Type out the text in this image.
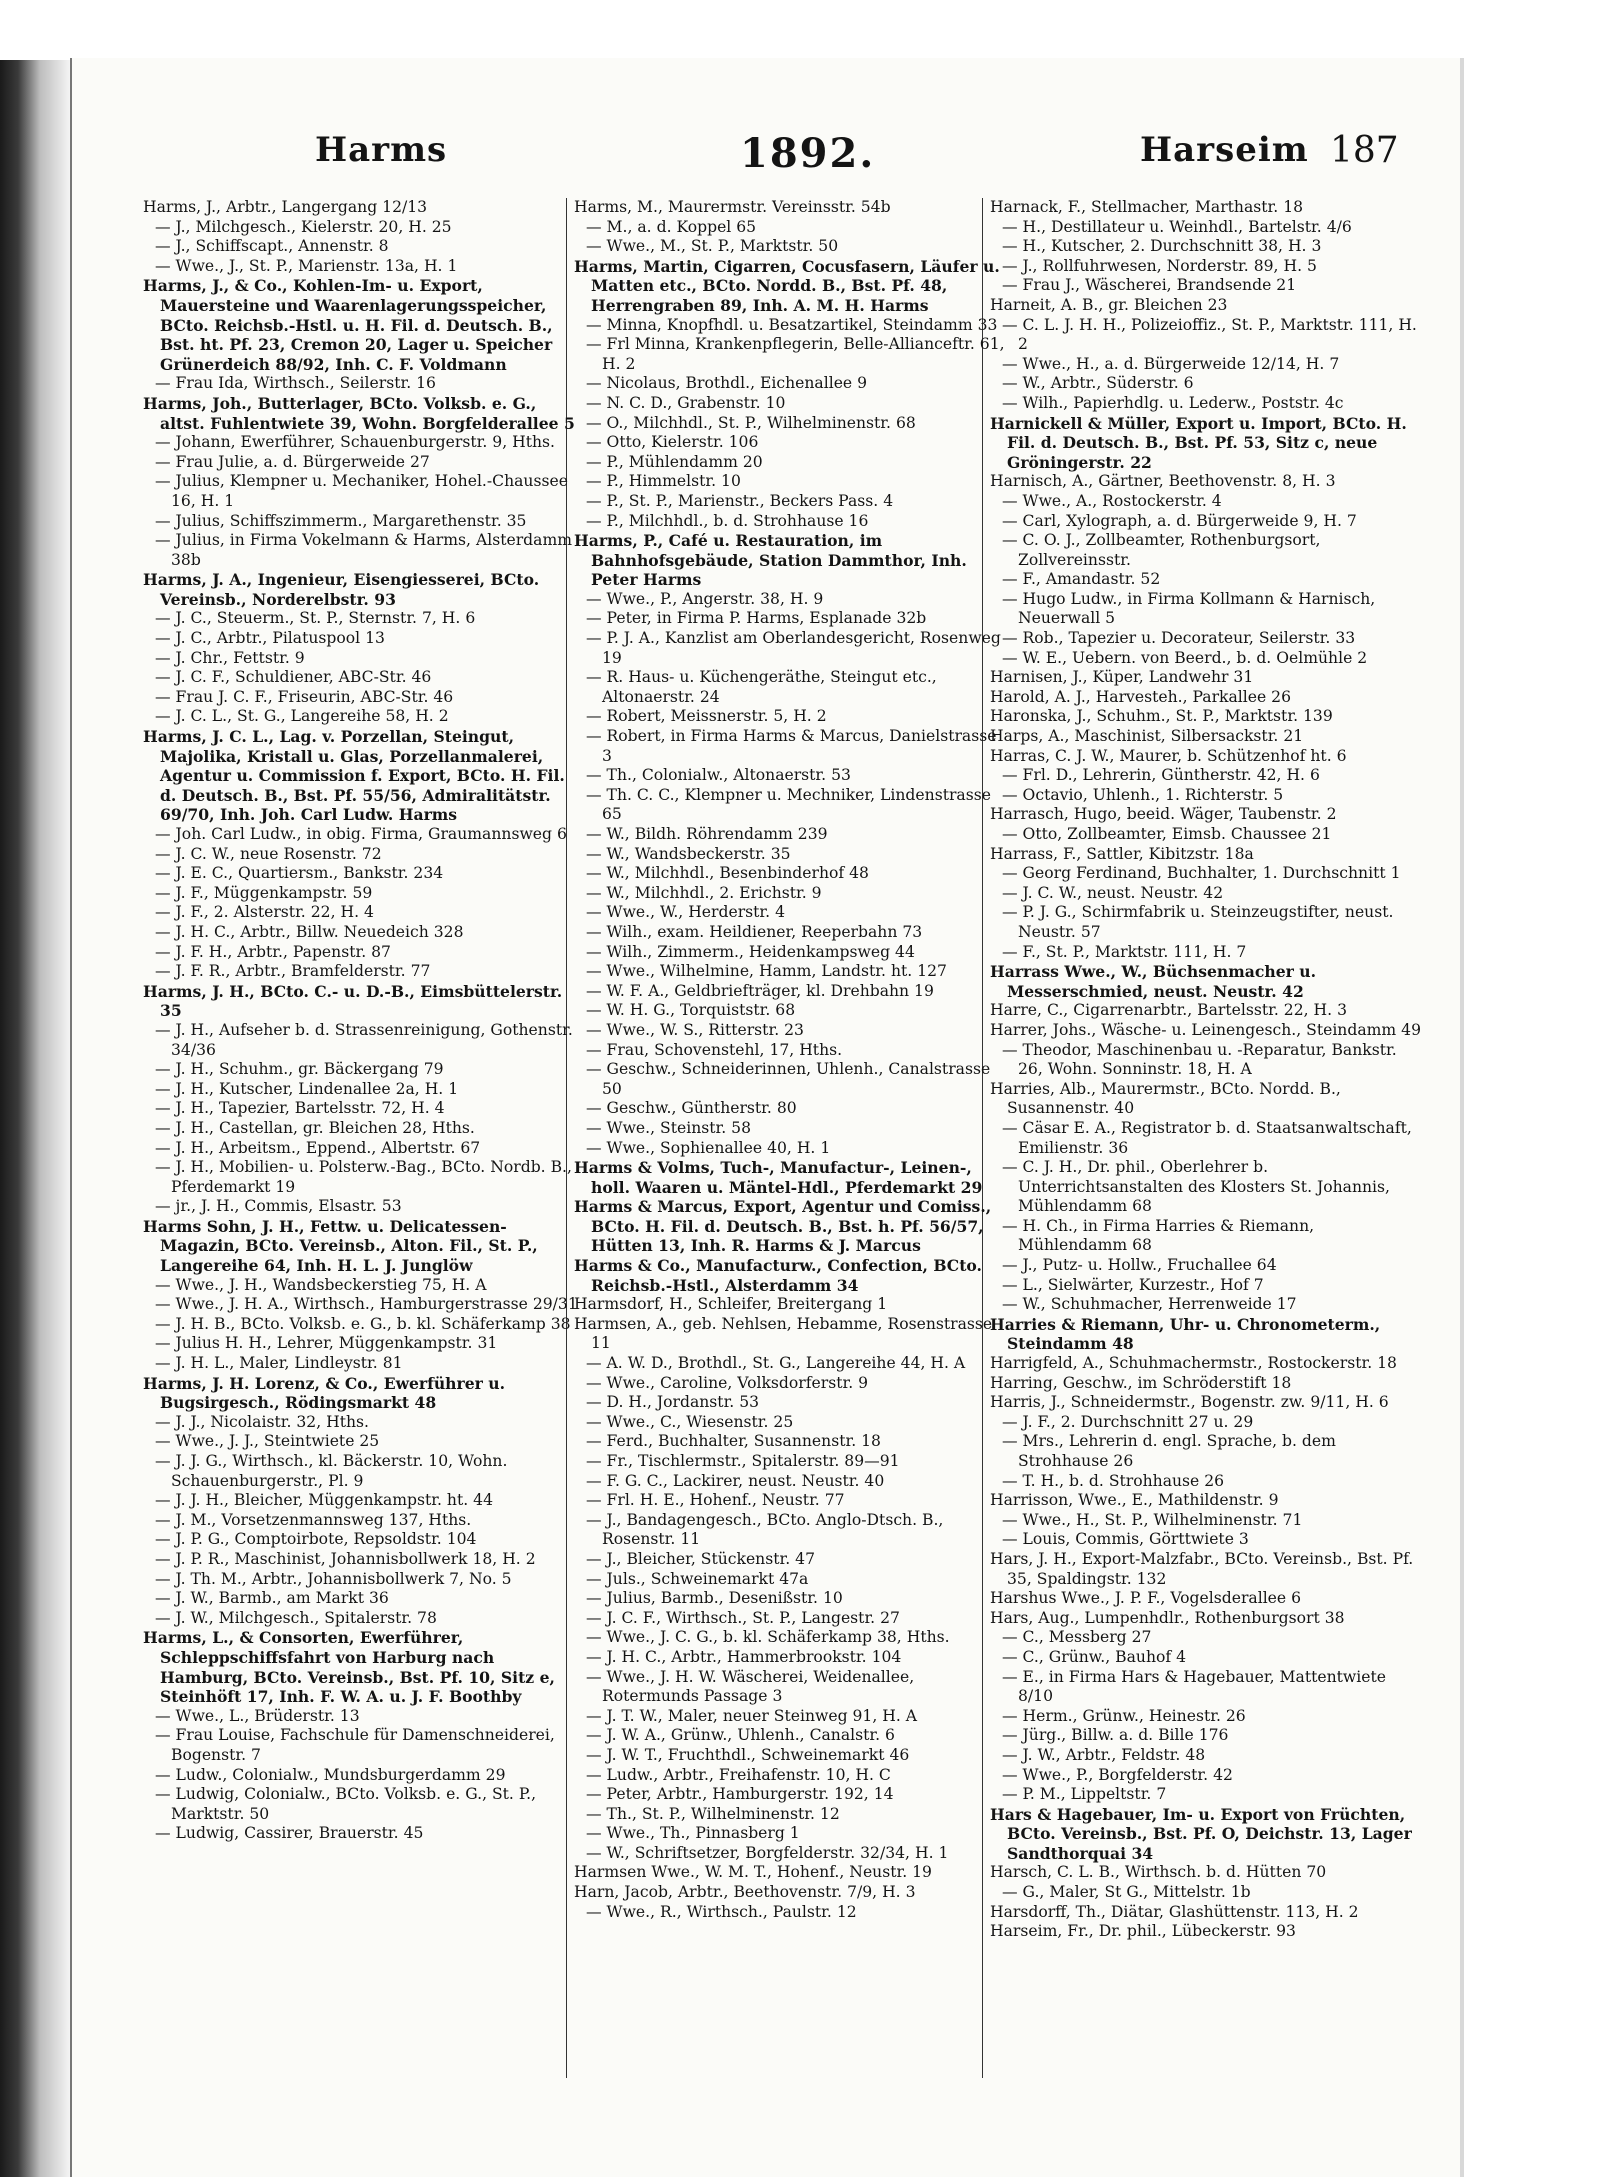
Harms	1892.	Harseim 187

Harms, J., Arbtr., Langergang 12/13

— J., Milchgesch., Kielerstr. 20, H. 25

— J., Schiffscapt., Annenstr. 8

— Wwe., J., St. P., Marienstr. 13a, H. 1

Harms, J., & Co., Kohlen-Im- u. Export, Mauersteine und Waarenlagerungsspeicher, BCto. Reichsb.-Hstl. u. H. Fil. d. Deutsch. B., Bst. ht. Pf. 23, Cremon 20, Lager u. Speicher Grünerdeich 88/92, Inh. C. F. Voldmann

— Frau Ida, Wirthsch., Seilerstr. 16

Harms, Joh., Butterlager, BCto. Volksb. e. G., altst. Fuhlentwiete 39, Wohn. Borgfelderallee 5

— Johann, Ewerführer, Schauenburgerstr. 9, Hths.

— Frau Julie, a. d. Bürgerweide 27

— Julius, Klempner u. Mechaniker, Hohel.-Chaussee 16, H. 1

— Julius, Schiffszimmerm., Margarethenstr. 35

— Julius, in Firma Vokelmann & Harms, Alsterdamm 38b

Harms, J. A., Ingenieur, Eisengiesserei, BCto. Vereinsb., Norderelbstr. 93

— J. C., Steuerm., St. P., Sternstr. 7, H. 6

— J. C., Arbtr., Pilatuspool 13

— J. Chr., Fettstr. 9

— J. C. F., Schuldiener, ABC-Str. 46

— Frau J. C. F., Friseurin, ABC-Str. 46

— J. C. L., St. G., Langereihe 58, H. 2

Harms, J. C. L., Lag. v. Porzellan, Steingut, Majolika, Kristall u. Glas, Porzellanmalerei, Agentur u. Commission f. Export, BCto. H. Fil. d. Deutsch. B., Bst. Pf. 55/56, Admiralitätstr. 69/70, Inh. Joh. Carl Ludw. Harms

— Joh. Carl Ludw., in obig. Firma, Graumannsweg 6

— J. C. W., neue Rosenstr. 72

— J. E. C., Quartiersm., Bankstr. 234

— J. F., Müggenkampstr. 59

— J. F., 2. Alsterstr. 22, H. 4

— J. H. C., Arbtr., Billw. Neuedeich 328

— J. F. H., Arbtr., Papenstr. 87

— J. F. R., Arbtr., Bramfelderstr. 77

Harms, J. H., BCto. C.- u. D.-B., Eimsbüttelerstr. 35

— J. H., Aufseher b. d. Strassenreinigung, Gothenstr. 34/36

— J. H., Schuhm., gr. Bäckergang 79

— J. H., Kutscher, Lindenallee 2a, H. 1

— J. H., Tapezier, Bartelsstr. 72, H. 4

— J. H., Castellan, gr. Bleichen 28, Hths.

— J. H., Arbeitsm., Eppend., Albertstr. 67

— J. H., Mobilien- u. Polsterw.-Bag., BCto. Nordb. B., Pferdemarkt 19

— jr., J. H., Commis, Elsastr. 53

Harms Sohn, J. H., Fettw. u. Delicatessen-Magazin, BCto. Vereinsb., Alton. Fil., St. P., Langereihe 64, Inh. H. L. J. Junglöw

— Wwe., J. H., Wandsbeckerstieg 75, H. A

— Wwe., J. H. A., Wirthsch., Hamburgerstrasse 29/31

— J. H. B., BCto. Volksb. e. G., b. kl. Schäferkamp 38

— Julius H. H., Lehrer, Müggenkampstr. 31

— J. H. L., Maler, Lindleystr. 81

Harms, J. H. Lorenz, & Co., Ewerführer u. Bugsirgesch., Rödingsmarkt 48

— J. J., Nicolaistr. 32, Hths.

— Wwe., J. J., Steintwiete 25

— J. J. G., Wirthsch., kl. Bäckerstr. 10, Wohn. Schauenburgerstr., Pl. 9

— J. J. H., Bleicher, Müggenkampstr. ht. 44

— J. M., Vorsetzenmannsweg 137, Hths.

— J. P. G., Comptoirbote, Repsoldstr. 104

— J. P. R., Maschinist, Johannisbollwerk 18, H. 2

— J. Th. M., Arbtr., Johannisbollwerk 7, No. 5

— J. W., Barmb., am Markt 36

— J. W., Milchgesch., Spitalerstr. 78

Harms, L., & Consorten, Ewerführer, Schleppschiffsfahrt von Harburg nach Hamburg, BCto. Vereinsb., Bst. Pf. 10, Sitz e, Steinhöft 17, Inh. F. W. A. u. J. F. Boothby

— Wwe., L., Brüderstr. 13

— Frau Louise, Fachschule für Damenschneiderei, Bogenstr. 7

— Ludw., Colonialw., Mundsburgerdamm 29

— Ludwig, Colonialw., BCto. Volksb. e. G., St. P., Marktstr. 50

— Ludwig, Cassirer, Brauerstr. 45

Harms, M., Maurermstr. Vereinsstr. 54b

— M., a. d. Koppel 65

— Wwe., M., St. P., Marktstr. 50

Harms, Martin, Cigarren, Cocusfasern, Läufer u. Matten etc., BCto. Nordd. B., Bst. Pf. 48, Herrengraben 89, Inh. A. M. H. Harms

— Minna, Knopfhdl. u. Besatzartikel, Steindamm 33

— Frl Minna, Krankenpflegerin, Belle-Allianceftr. 61, H. 2

— Nicolaus, Brothdl., Eichenallee 9

— N. C. D., Grabenstr. 10

— O., Milchhdl., St. P., Wilhelminenstr. 68

— Otto, Kielerstr. 106

— P., Mühlendamm 20

— P., Himmelstr. 10

— P., St. P., Marienstr., Beckers Pass. 4

— P., Milchhdl., b. d. Strohhause 16

Harms, P., Café u. Restauration, im Bahnhofsgebäude, Station Dammthor, Inh. Peter Harms

— Wwe., P., Angerstr. 38, H. 9

— Peter, in Firma P. Harms, Esplanade 32b

— P. J. A., Kanzlist am Oberlandesgericht, Rosenweg 19

— R. Haus- u. Küchengeräthe, Steingut etc., Altonaerstr. 24

— Robert, Meissnerstr. 5, H. 2

— Robert, in Firma Harms & Marcus, Danielstrasse 3

— Th., Colonialw., Altonaerstr. 53

— Th. C. C., Klempner u. Mechniker, Lindenstrasse 65

— W., Bildh. Röhrendamm 239

— W., Wandsbeckerstr. 35

— W., Milchhdl., Besenbinderhof 48

— W., Milchhdl., 2. Erichstr. 9

— Wwe., W., Herderstr. 4

— Wilh., exam. Heildiener, Reeperbahn 73

— Wilh., Zimmerm., Heidenkampsweg 44

— Wwe., Wilhelmine, Hamm, Landstr. ht. 127

— W. F. A., Geldbriefträger, kl. Drehbahn 19

— W. H. G., Torquiststr. 68

— Wwe., W. S., Ritterstr. 23

— Frau, Schovenstehl, 17, Hths.

— Geschw., Schneiderinnen, Uhlenh., Canalstrasse 50

— Geschw., Güntherstr. 80

— Wwe., Steinstr. 58

— Wwe., Sophienallee 40, H. 1

Harms & Volms, Tuch-, Manufactur-, Leinen-, holl. Waaren u. Mäntel-Hdl., Pferdemarkt 29

Harms & Marcus, Export, Agentur und Comiss., BCto. H. Fil. d. Deutsch. B., Bst. h. Pf. 56/57, Hütten 13, Inh. R. Harms & J. Marcus

Harms & Co., Manufacturw., Confection, BCto. Reichsb.-Hstl., Alsterdamm 34

Harmsdorf, H., Schleifer, Breitergang 1

Harmsen, A., geb. Nehlsen, Hebamme, Rosenstrasse 11

— A. W. D., Brothdl., St. G., Langereihe 44, H. A

— Wwe., Caroline, Volksdorferstr. 9

— D. H., Jordanstr. 53

— Wwe., C., Wiesenstr. 25

— Ferd., Buchhalter, Susannenstr. 18

— Fr., Tischlermstr., Spitalerstr. 89—91

— F. G. C., Lackirer, neust. Neustr. 40

— Frl. H. E., Hohenf., Neustr. 77

— J., Bandagengesch., BCto. Anglo-Dtsch. B., Rosenstr. 11

— J., Bleicher, Stückenstr. 47

— Juls., Schweinemarkt 47a

— Julius, Barmb., Desenißstr. 10

— J. C. F., Wirthsch., St. P., Langestr. 27

— Wwe., J. C. G., b. kl. Schäferkamp 38, Hths.

— J. H. C., Arbtr., Hammerbrookstr. 104

— Wwe., J. H. W. Wäscherei, Weidenallee, Rotermunds Passage 3

— J. T. W., Maler, neuer Steinweg 91, H. A

— J. W. A., Grünw., Uhlenh., Canalstr. 6

— J. W. T., Fruchthdl., Schweinemarkt 46

— Ludw., Arbtr., Freihafenstr. 10, H. C

— Peter, Arbtr., Hamburgerstr. 192, 14

— Th., St. P., Wilhelminenstr. 12

— Wwe., Th., Pinnasberg 1

— W., Schriftsetzer, Borgfelderstr. 32/34, H. 1

Harmsen Wwe., W. M. T., Hohenf., Neustr. 19

Harn, Jacob, Arbtr., Beethovenstr. 7/9, H. 3

— Wwe., R., Wirthsch., Paulstr. 12

Harnack, F., Stellmacher, Marthastr. 18

— H., Destillateur u. Weinhdl., Bartelstr. 4/6

— H., Kutscher, 2. Durchschnitt 38, H. 3

— J., Rollfuhrwesen, Norderstr. 89, H. 5

— Frau J., Wäscherei, Brandsende 21

Harneit, A. B., gr. Bleichen 23

— C. L. J. H. H., Polizeioffiz., St. P., Marktstr. 111, H. 2

— Wwe., H., a. d. Bürgerweide 12/14, H. 7

— W., Arbtr., Süderstr. 6

— Wilh., Papierhdlg. u. Lederw., Poststr. 4c

Harnickell & Müller, Export u. Import, BCto. H. Fil. d. Deutsch. B., Bst. Pf. 53, Sitz c, neue Gröningerstr. 22

Harnisch, A., Gärtner, Beethovenstr. 8, H. 3

— Wwe., A., Rostockerstr. 4

— Carl, Xylograph, a. d. Bürgerweide 9, H. 7

— C. O. J., Zollbeamter, Rothenburgsort, Zollvereinsstr.

— F., Amandastr. 52

— Hugo Ludw., in Firma Kollmann & Harnisch, Neuerwall 5

— Rob., Tapezier u. Decorateur, Seilerstr. 33

— W. E., Uebern. von Beerd., b. d. Oelmühle 2

Harnisen, J., Küper, Landwehr 31

Harold, A. J., Harvesteh., Parkallee 26

Haronska, J., Schuhm., St. P., Marktstr. 139

Harps, A., Maschinist, Silbersackstr. 21

Harras, C. J. W., Maurer, b. Schützenhof ht. 6

— Frl. D., Lehrerin, Güntherstr. 42, H. 6

— Octavio, Uhlenh., 1. Richterstr. 5

Harrasch, Hugo, beeid. Wäger, Taubenstr. 2

— Otto, Zollbeamter, Eimsb. Chaussee 21

Harrass, F., Sattler, Kibitzstr. 18a

— Georg Ferdinand, Buchhalter, 1. Durchschnitt 1

— J. C. W., neust. Neustr. 42

— P. J. G., Schirmfabrik u. Steinzeugstifter, neust. Neustr. 57

— F., St. P., Marktstr. 111, H. 7

Harrass Wwe., W., Büchsenmacher u. Messerschmied, neust. Neustr. 42

Harre, C., Cigarrenarbtr., Bartelsstr. 22, H. 3

Harrer, Johs., Wäsche- u. Leinengesch., Steindamm 49

— Theodor, Maschinenbau u. -Reparatur, Bankstr. 26, Wohn. Sonninstr. 18, H. A

Harries, Alb., Maurermstr., BCto. Nordd. B., Susannenstr. 40

— Cäsar E. A., Registrator b. d. Staatsanwaltschaft, Emilienstr. 36

— C. J. H., Dr. phil., Oberlehrer b. Unterrichtsanstalten des Klosters St. Johannis, Mühlendamm 68

— H. Ch., in Firma Harries & Riemann, Mühlendamm 68

— J., Putz- u. Hollw., Fruchallee 64

— L., Sielwärter, Kurzestr., Hof 7

— W., Schuhmacher, Herrenweide 17

Harries & Riemann, Uhr- u. Chronometerm., Steindamm 48

Harrigfeld, A., Schuhmachermstr., Rostockerstr. 18

Harring, Geschw., im Schröderstift 18

Harris, J., Schneidermstr., Bogenstr. zw. 9/11, H. 6

— J. F., 2. Durchschnitt 27 u. 29

— Mrs., Lehrerin d. engl. Sprache, b. dem Strohhause 26

— T. H., b. d. Strohhause 26

Harrisson, Wwe., E., Mathildenstr. 9

— Wwe., H., St. P., Wilhelminenstr. 71

— Louis, Commis, Görttwiete 3

Hars, J. H., Export-Malzfabr., BCto. Vereinsb., Bst. Pf. 35, Spaldingstr. 132

Harshus Wwe., J. P. F., Vogelsderallee 6

Hars, Aug., Lumpenhdlr., Rothenburgsort 38

— C., Messberg 27

— C., Grünw., Bauhof 4

— E., in Firma Hars & Hagebauer, Mattentwiete 8/10

— Herm., Grünw., Heinestr. 26

— Jürg., Billw. a. d. Bille 176

— J. W., Arbtr., Feldstr. 48

— Wwe., P., Borgfelderstr. 42

— P. M., Lippeltstr. 7

Hars & Hagebauer, Im- u. Export von Früchten, BCto. Vereinsb., Bst. Pf. O, Deichstr. 13, Lager Sandthorquai 34

Harsch, C. L. B., Wirthsch. b. d. Hütten 70

— G., Maler, St G., Mittelstr. 1b

Harsdorff, Th., Diätar, Glashüttenstr. 113, H. 2

Harseim, Fr., Dr. phil., Lübeckerstr. 93
